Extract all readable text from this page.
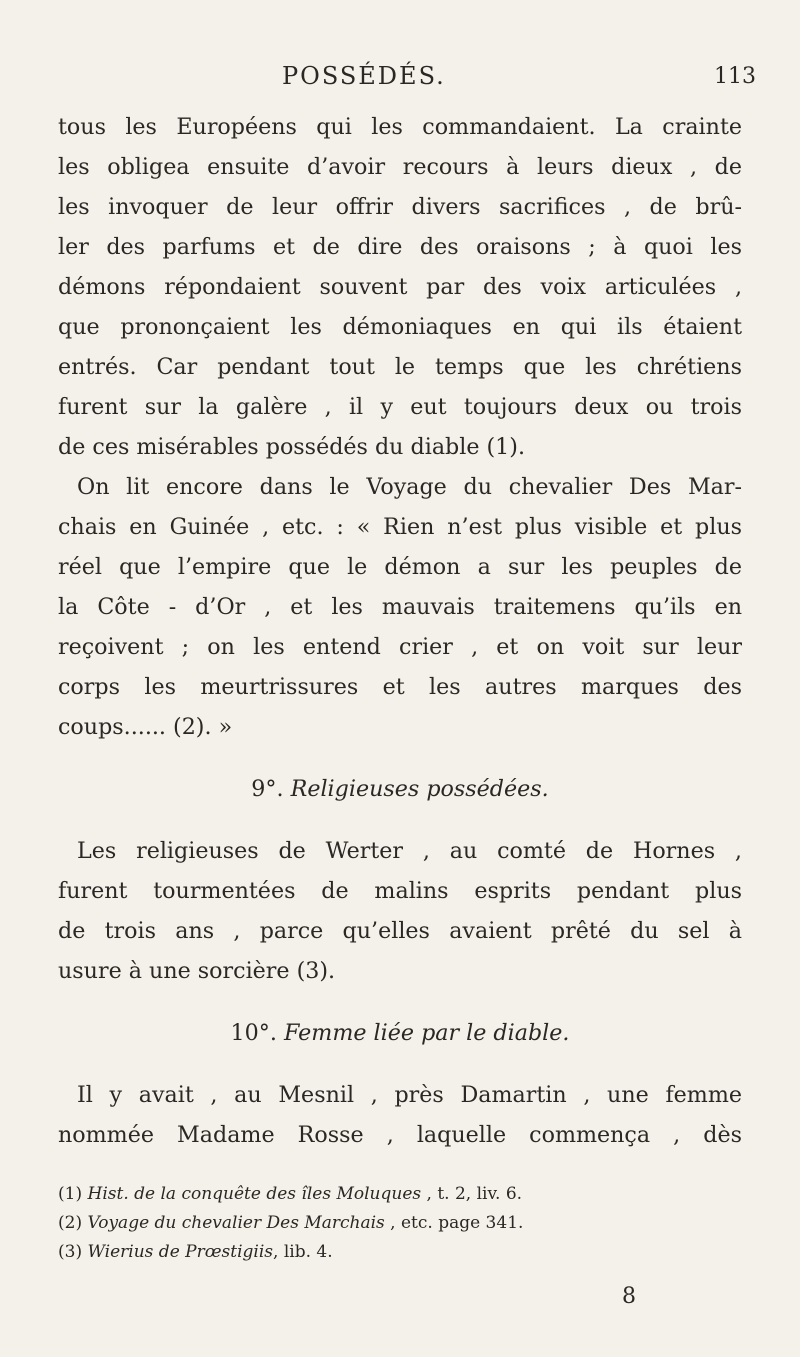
POSSÉDÉS.	113

tous les Européens qui les commandaient. La crainte
les obligea ensuite d’avoir recours à leurs dieux , de
les invoquer de leur offrir divers sacrifices , de brû-
ler des parfums et de dire des oraisons ; à quoi les
démons répondaient souvent par des voix articulées ,
que prononçaient les démoniaques en qui ils étaient
entrés. Car pendant tout le temps que les chrétiens
furent sur la galère , il y eut toujours deux ou trois
de ces misérables possédés du diable (1).

On lit encore dans le Voyage du chevalier Des Mar-

chais en Guinée , etc. : « Rien n’est plus visible et plus
réel que l’empire que le démon a sur les peuples de
la Côte - d’Or , et les mauvais traitemens qu’ils en
reçoivent ; on les entend crier , et on voit sur leur
corps les meurtrissures et les autres marques des
coups...... (2). »

9°. Religieuses possédées.

Les religieuses de Werter , au comté de Hornes ,

furent tourmentées de malins esprits pendant plus
de trois ans , parce qu’elles avaient prêté du sel à
usure à une sorcière (3).

10°. Femme liée par le diable.

Il y avait , au Mesnil , près Damartin , une femme

nommée Madame Rosse , laquelle commença , dès

(1) Hist. de la conquête des îles Moluques , t. 2, liv. 6.
(2) Voyage du chevalier Des Marchais , etc. page 341.
(3) Wierius de Prœstigiis, lib. 4.
8
